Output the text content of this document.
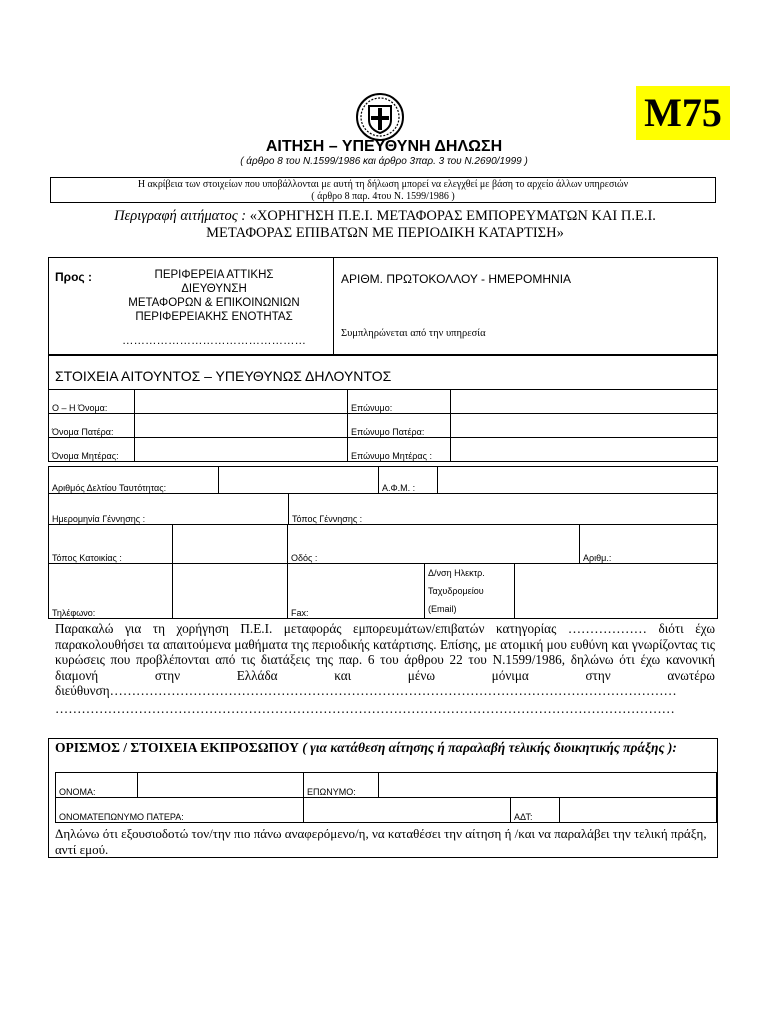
M75
ΑΙΤΗΣΗ – ΥΠΕΥΘΥΝΗ ΔΗΛΩΣΗ
( άρθρο 8 του Ν.1599/1986 και άρθρο 3παρ. 3 του Ν.2690/1999 )
Η ακρίβεια των στοιχείων που υποβάλλονται με αυτή τη δήλωση μπορεί να ελεγχθεί με βάση το αρχείο άλλων υπηρεσιών
( άρθρο 8 παρ. 4του Ν. 1599/1986 )
Περιγραφή αιτήματος : «ΧΟΡΗΓΗΣΗ Π.Ε.Ι. ΜΕΤΑΦΟΡΑΣ ΕΜΠΟΡΕΥΜΑΤΩΝ ΚΑΙ Π.Ε.Ι.
ΜΕΤΑΦΟΡΑΣ ΕΠΙΒΑΤΩΝ ΜΕ ΠΕΡΙΟΔΙΚΗ ΚΑΤΑΡΤΙΣΗ»
Προς :	ΠΕΡΙΦΕΡΕΙΑ ΑΤΤΙΚΗΣ
ΔΙΕΥΘΥΝΣΗ
ΜΕΤΑΦΟΡΩΝ & ΕΠΙΚΟΙΝΩΝΙΩΝ
ΠΕΡΙΦΕΡΕΙΑΚΗΣ ΕΝΟΤΗΤΑΣ
…………………………………………
ΑΡΙΘΜ. ΠΡΩΤΟΚΟΛΛΟΥ - ΗΜΕΡΟΜΗΝΙΑ
Συμπληρώνεται από την υπηρεσία
ΣΤΟΙΧΕΙΑ ΑΙΤΟΥΝΤΟΣ – ΥΠΕΥΘΥΝΩΣ ΔΗΛΟΥΝΤΟΣ
Ο – Η Όνομα:		Επώνυμο:		
Όνομα Πατέρα:		Επώνυμο Πατέρα:		
Όνομα Μητέρας:		Επώνυμο Μητέρας :		
Αριθμός Δελτίου Ταυτότητας:		Α.Φ.Μ. :	
Ημερομηνία Γέννησης :	Τόπος Γέννησης :	
Τόπος Κατοικίας :		Οδός :		Αριθμ.:	
Τηλέφωνο:		Fax:	
Δ/νση Ηλεκτρ.
Ταχυδρομείου (Email)

Παρακαλώ για τη χορήγηση Π.Ε.Ι. μεταφοράς εμπορευμάτων/επιβατών κατηγορίας ……………… διότι έχω παρακολουθήσει τα απαιτούμενα μαθήματα της περιοδικής κατάρτισης. Επίσης, με ατομική μου ευθύνη και γνωρίζοντας τις κυρώσεις που προβλέπονται από τις διατάξεις της παρ. 6 του άρθρου 22 του Ν.1599/1986, δηλώνω ότι έχω κανονική διαμονή στην Ελλάδα και μένω μόνιμα στην ανωτέρω διεύθυνση…………………………………………………………………………………………………………………
……………………………………………………………………………………………………………………………
ΟΡΙΣΜΟΣ / ΣΤΟΙΧΕΙΑ ΕΚΠΡΟΣΩΠΟΥ ( για κατάθεση αίτησης ή παραλαβή τελικής διοικητικής πράξης ):
ΟΝΟΜΑ:		ΕΠΩΝΥΜΟ:			
ΟΝΟΜΑΤΕΠΩΝΥΜΟ ΠΑΤΕΡΑ:				ΑΔΤ:	
Δηλώνω ότι εξουσιοδοτώ τον/την πιο πάνω αναφερόμενο/η, να καταθέσει την αίτηση ή /και να παραλάβει την τελική πράξη, αντί εμού.
